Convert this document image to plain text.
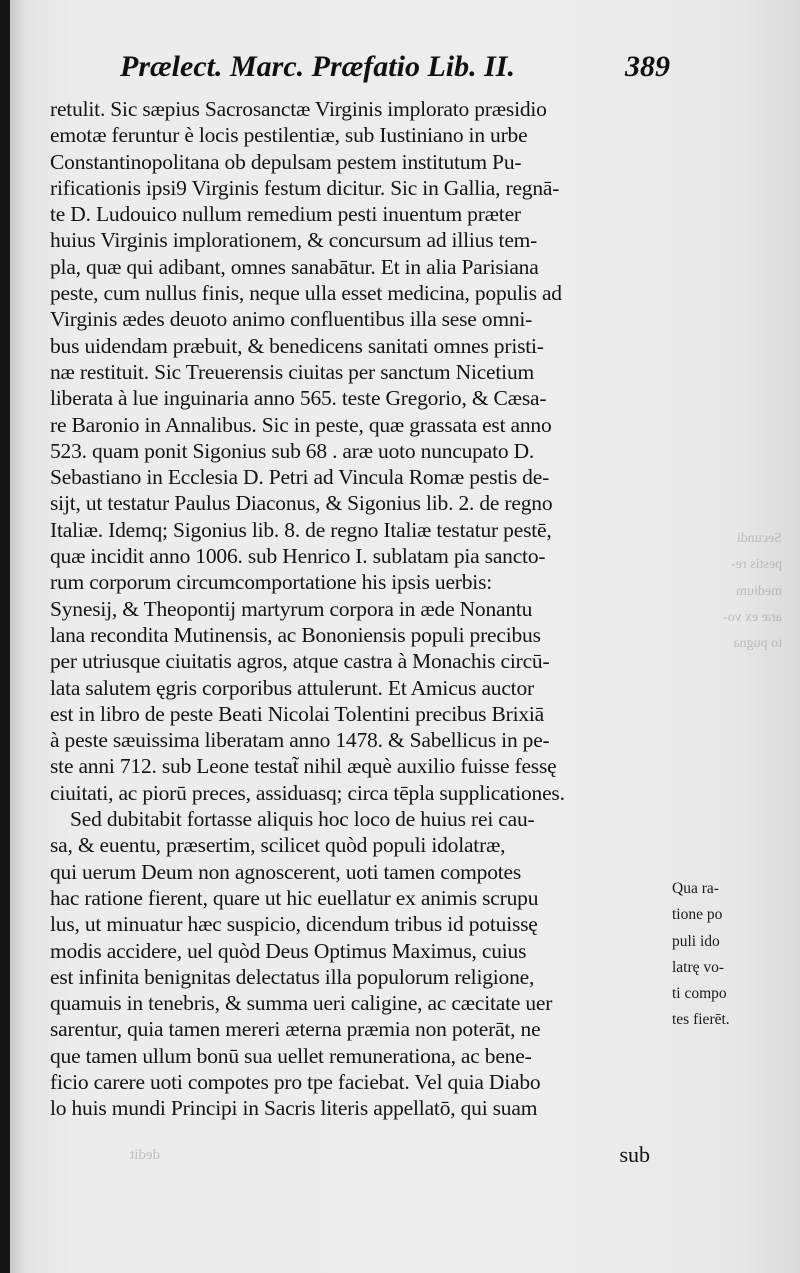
Prælect. Marc. Præfatio Lib. II.	389
retulit. Sic sæpius Sacrosanctæ Virginis implorato præsidio
emotæ feruntur è locis pestilentiæ, sub Iustiniano in urbe
Constantinopolitana ob depulsam pestem institutum Pu-
rificationis ipsi9 Virginis festum dicitur. Sic in Gallia, regnā-
te D. Ludouico nullum remedium pesti inuentum præter
huius Virginis implorationem, & concursum ad illius tem-
pla, quæ qui adibant, omnes sanabātur. Et in alia Parisiana
peste, cum nullus finis, neque ulla esset medicina, populis ad
Virginis ædes deuoto animo confluentibus illa sese omni-
bus uidendam præbuit, & benedicens sanitati omnes pristi-
næ restituit. Sic Treuerensis ciuitas per sanctum Nicetium
liberata à lue inguinaria anno 565. teste Gregorio, & Cæsa-
re Baronio in Annalibus. Sic in peste, quæ grassata est anno
523. quam ponit Sigonius sub 68 . aræ uoto nuncupato D.
Sebastiano in Ecclesia D. Petri ad Vincula Romæ pestis de-
sijt, ut testatur Paulus Diaconus, & Sigonius lib. 2. de regno
Italiæ. Idemq; Sigonius lib. 8. de regno Italiæ testatur pestē,
quæ incidit anno 1006. sub Henrico I. sublatam pia sancto-
rum corporum circumcomportatione his ipsis uerbis:
Synesij, & Theopontij martyrum corpora in æde Nonantu
lana recondita Mutinensis, ac Bononiensis populi precibus
per utriusque ciuitatis agros, atque castra à Monachis circū-
lata salutem ęgris corporibus attulerunt. Et Amicus auctor
est in libro de peste Beati Nicolai Tolentini precibus Brixiā
à peste sæuissima liberatam anno 1478. & Sabellicus in pe-
ste anni 712. sub Leone testat̃ nihil æquè auxilio fuisse fessę
ciuitati, ac piorū preces, assiduasq; circa tēpla supplicationes.
Sed dubitabit fortasse aliquis hoc loco de huius rei cau-
sa, & euentu, præsertim, scilicet quòd populi idolatræ,
qui uerum Deum non agnoscerent, uoti tamen compotes
hac ratione fierent, quare ut hic euellatur ex animis scrupu
lus, ut minuatur hæc suspicio, dicendum tribus id potuissę
modis accidere, uel quòd Deus Optimus Maximus, cuius
est infinita benignitas delectatus illa populorum religione,
quamuis in tenebris, & summa ueri caligine, ac cæcitate uer
sarentur, quia tamen mereri æterna præmia non poterāt, ne
que tamen ullum bonū sua uellet remunerationa, ac bene-
ficio carere uoti compotes pro tpe faciebat. Vel quia Diabo
lo huis mundi Principi in Sacris literis appellatō, qui suam
Qua ra-
tione po
puli ido
latrę vo-
ti compo
tes fierēt.
Secundi
pestis re-
medium
aræ ex vo-
to pugna
dedit	sub
